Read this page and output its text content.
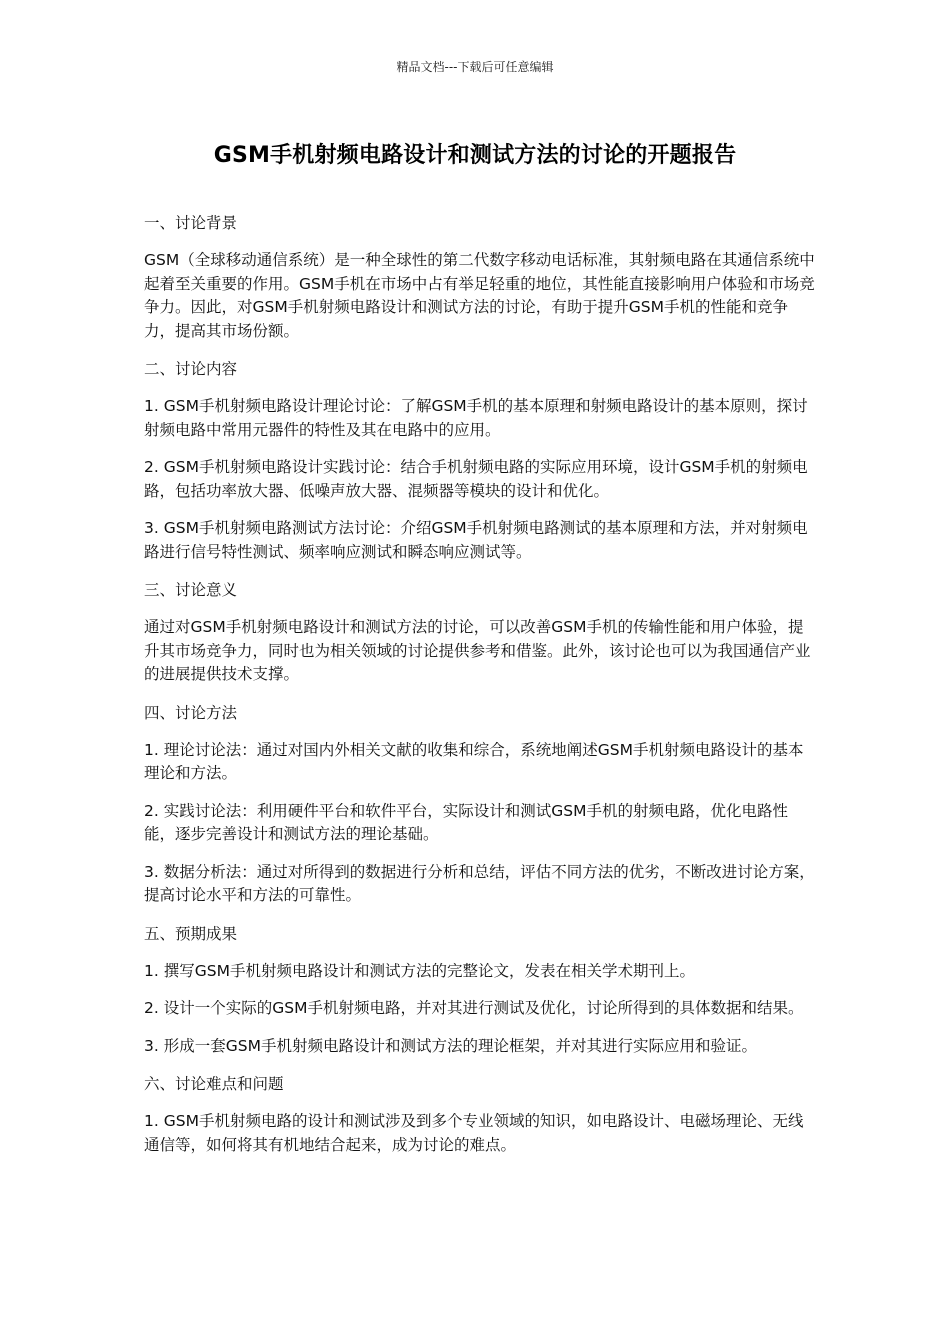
精品文档---下载后可任意编辑
GSM手机射频电路设计和测试方法的讨论的开题报告
一、讨论背景

GSM（全球移动通信系统）是一种全球性的第二代数字移动电话标准，其射频电路在其通信系统中起着至关重要的作用。GSM手机在市场中占有举足轻重的地位，其性能直接影响用户体验和市场竞争力。因此，对GSM手机射频电路设计和测试方法的讨论，有助于提升GSM手机的性能和竞争力，提高其市场份额。

二、讨论内容

1. GSM手机射频电路设计理论讨论：了解GSM手机的基本原理和射频电路设计的基本原则，探讨射频电路中常用元器件的特性及其在电路中的应用。

2. GSM手机射频电路设计实践讨论：结合手机射频电路的实际应用环境，设计GSM手机的射频电路，包括功率放大器、低噪声放大器、混频器等模块的设计和优化。

3. GSM手机射频电路测试方法讨论：介绍GSM手机射频电路测试的基本原理和方法，并对射频电路进行信号特性测试、频率响应测试和瞬态响应测试等。

三、讨论意义

通过对GSM手机射频电路设计和测试方法的讨论，可以改善GSM手机的传输性能和用户体验，提升其市场竞争力，同时也为相关领域的讨论提供参考和借鉴。此外，该讨论也可以为我国通信产业的进展提供技术支撑。

四、讨论方法

1. 理论讨论法：通过对国内外相关文献的收集和综合，系统地阐述GSM手机射频电路设计的基本理论和方法。

2. 实践讨论法：利用硬件平台和软件平台，实际设计和测试GSM手机的射频电路，优化电路性能，逐步完善设计和测试方法的理论基础。

3. 数据分析法：通过对所得到的数据进行分析和总结，评估不同方法的优劣，不断改进讨论方案，提高讨论水平和方法的可靠性。

五、预期成果

1. 撰写GSM手机射频电路设计和测试方法的完整论文，发表在相关学术期刊上。

2. 设计一个实际的GSM手机射频电路，并对其进行测试及优化，讨论所得到的具体数据和结果。

3. 形成一套GSM手机射频电路设计和测试方法的理论框架，并对其进行实际应用和验证。

六、讨论难点和问题

1. GSM手机射频电路的设计和测试涉及到多个专业领域的知识，如电路设计、电磁场理论、无线通信等，如何将其有机地结合起来，成为讨论的难点。
